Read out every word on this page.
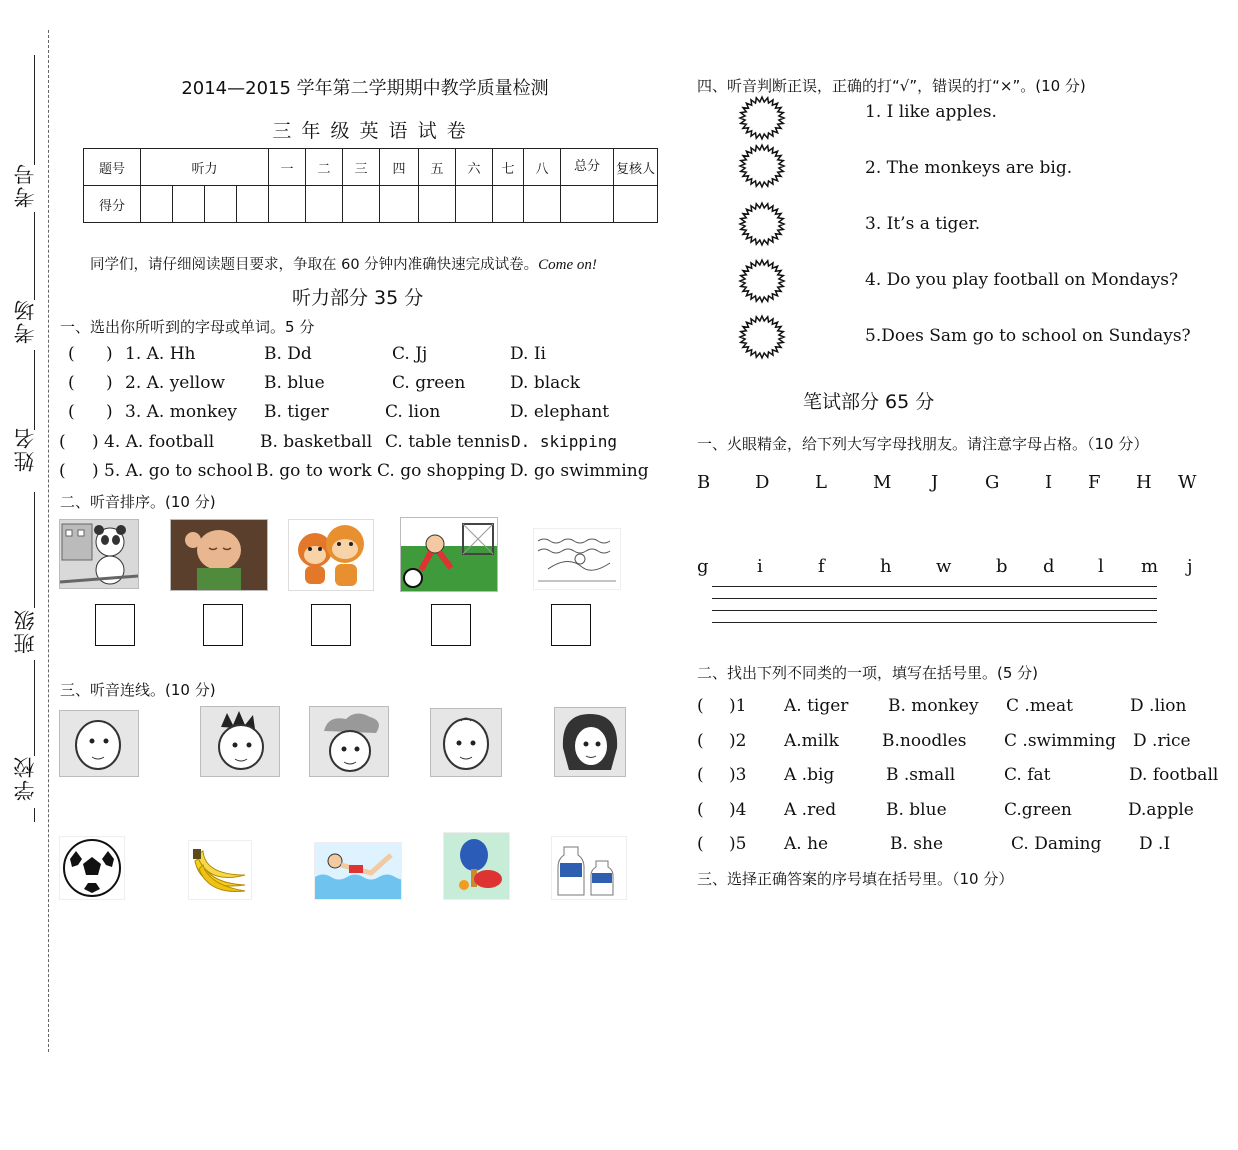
考号
考场
姓名
班级
学校
2014—2015 学年第二学期期中教学质量检测
三 年 级 英 语 试 卷
题号	听力				一	二	三	四	五	六	七	八	总分	复核人
得分														
同学们，请仔细阅读题目要求，争取在 60 分钟内准确快速完成试卷。Come on!
听力部分 35 分
一、选出你所听到的字母或单词。5 分
( ) 1. A. Hh	B. Dd	C. Jj	D. Ii
( ) 2. A. yellow B. blue	C. green	D. black
( ) 3. A. monkey B. tiger	C. lion	D. elephant
( ) 4. A. football	B. basketball C. table tennis D. skipping
( ) 5. A. go to school B. go to work C. go shopping D. go swimming
二、听音排序。(10 分)
三、听音连线。(10 分)
四、听音判断正误，正确的打“√”，错误的打“×”。(10 分)
1. I like apples.
2. The monkeys are big.
3. It’s a tiger.
4. Do you play football on Mondays?
5.Does Sam go to school on Sundays?
笔试部分 65 分
一、火眼精金，给下列大写字母找朋友。请注意字母占格。（10 分）
B D	L	M J	G	I F H W
g	i	f	h w b d l m j
二、找出下列不同类的一项，填写在括号里。(5 分)
( )1 A. tiger B. monkey C .meat	D .lion
( )2 A.milk	B.noodles C .swimming D .rice
( )3 A .big	B .small	C. fat	D. football
( )4 A .red	B. blue	C.green	D.apple
( )5 A. he	B. she	C. Daming D .I
三、选择正确答案的序号填在括号里。（10 分）
